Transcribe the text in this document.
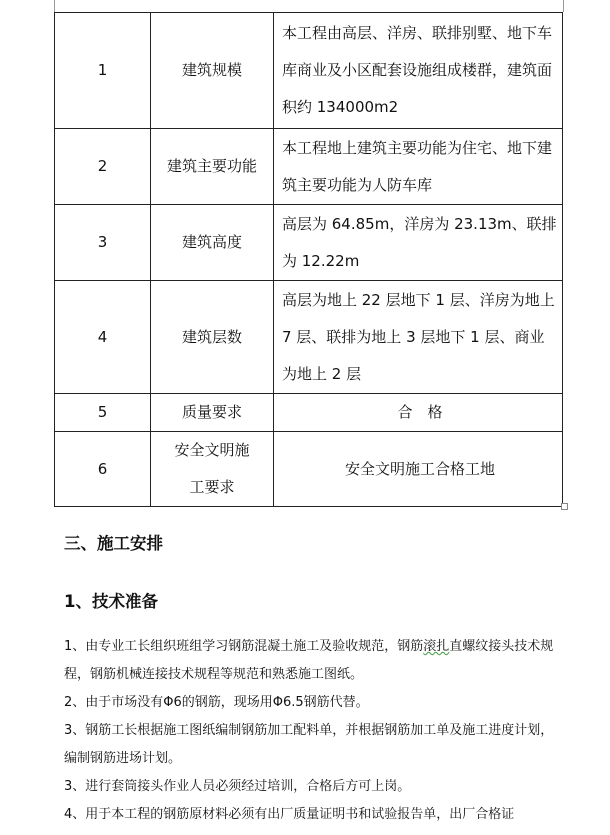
1	建筑规模	本工程由高层、洋房、联排别墅、地下车库商业及小区配套设施组成楼群，建筑面积约 134000m2
2	建筑主要功能	本工程地上建筑主要功能为住宅、地下建筑主要功能为人防车库
3	建筑高度	高层为 64.85m，洋房为 23.13m、联排为 12.22m
4	建筑层数	高层为地上 22 层地下 1 层、洋房为地上 7 层、联排为地上 3 层地下 1 层、商业为地上 2 层
5	质量要求	合　格
6	安全文明施工要求	安全文明施工合格工地
三、施工安排
1、技术准备

1、由专业工长组织班组学习钢筋混凝土施工及验收规范，钢筋滚扎直螺纹接头技术规程，钢筋机械连接技术规程等规范和熟悉施工图纸。

2、由于市场没有Φ6的钢筋，现场用Φ6.5钢筋代替。

3、钢筋工长根据施工图纸编制钢筋加工配料单，并根据钢筋加工单及施工进度计划，编制钢筋进场计划。

3、进行套筒接头作业人员必须经过培训，合格后方可上岗。

4、用于本工程的钢筋原材料必须有出厂质量证明书和试验报告单，出厂合格证
